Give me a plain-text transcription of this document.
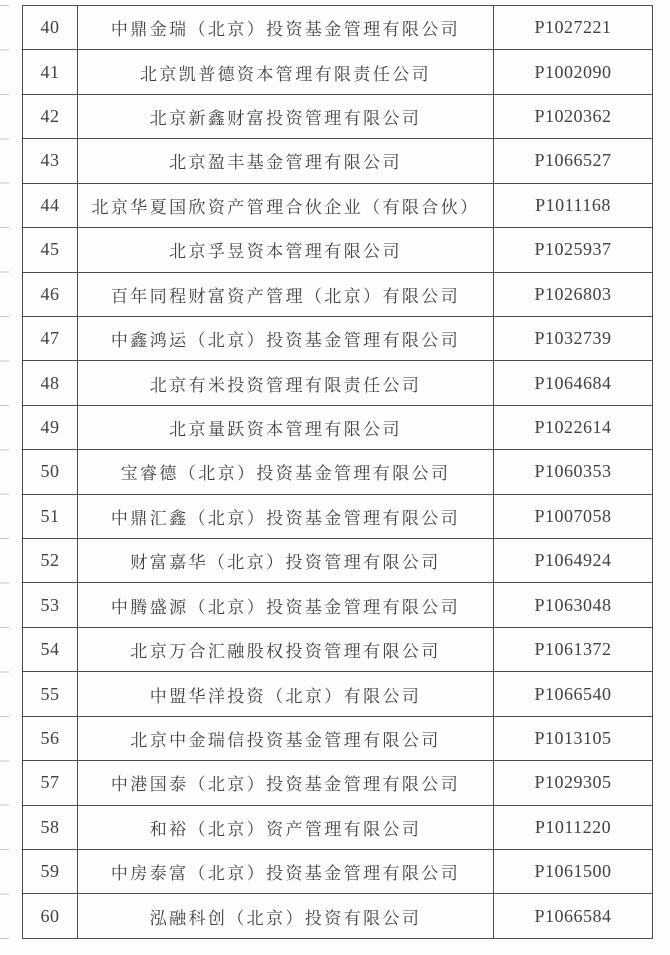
40	中鼎金瑞（北京）投资基金管理有限公司	P1027221
41	北京凯普德资本管理有限责任公司	P1002090
42	北京新鑫财富投资管理有限公司	P1020362
43	北京盈丰基金管理有限公司	P1066527
44	北京华夏国欣资产管理合伙企业（有限合伙）	P1011168
45	北京孚昱资本管理有限公司	P1025937
46	百年同程财富资产管理（北京）有限公司	P1026803
47	中鑫鸿运（北京）投资基金管理有限公司	P1032739
48	北京有米投资管理有限责任公司	P1064684
49	北京量跃资本管理有限公司	P1022614
50	宝睿德（北京）投资基金管理有限公司	P1060353
51	中鼎汇鑫（北京）投资基金管理有限公司	P1007058
52	财富嘉华（北京）投资管理有限公司	P1064924
53	中腾盛源（北京）投资基金管理有限公司	P1063048
54	北京万合汇融股权投资管理有限公司	P1061372
55	中盟华洋投资（北京）有限公司	P1066540
56	北京中金瑞信投资基金管理有限公司	P1013105
57	中港国泰（北京）投资基金管理有限公司	P1029305
58	和裕（北京）资产管理有限公司	P1011220
59	中房泰富（北京）投资基金管理有限公司	P1061500
60	泓融科创（北京）投资有限公司	P1066584
